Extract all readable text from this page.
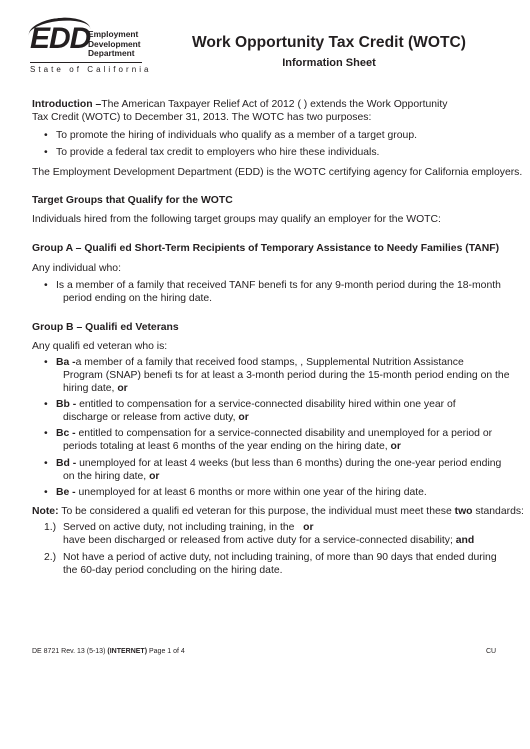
EDD
Employment
Development
Department
State of California
Work Opportunity Tax Credit (WOTC)
Information Sheet
Introduction –The American Taxpayer Relief Act of 2012 ( ) extends the Work Opportunity
Tax Credit (WOTC) to December 31, 2013. The WOTC has two purposes:
• To promote the hiring of individuals who qualify as a member of a target group.
• To provide a federal tax credit to employers who hire these individuals.
The Employment Development Department (EDD) is the WOTC certifying agency for California employers.
Target Groups that Qualify for the WOTC
Individuals hired from the following target groups may qualify an employer for the WOTC:
Group A – Qualifi ed Short-Term Recipients of Temporary Assistance to Needy Families (TANF)
Any individual who:
• Is a member of a family that received TANF benefi ts for any 9-month period during the 18-month
period ending on the hiring date.
Group B – Qualifi ed Veterans
Any qualifi ed veteran who is:
• Ba -a member of a family that received food stamps, , Supplemental Nutrition Assistance
Program (SNAP) benefi ts for at least a 3-month period during the 15-month period ending on the
hiring date, or
• Bb - entitled to compensation for a service-connected disability hired within one year of
discharge or release from active duty, or
• Bc - entitled to compensation for a service-connected disability and unemployed for a period or
periods totaling at least 6 months of the year ending on the hiring date, or
• Bd - unemployed for at least 4 weeks (but less than 6 months) during the one-year period ending
on the hiring date, or
• Be - unemployed for at least 6 months or more within one year of the hiring date.
Note: To be considered a qualifi ed veteran for this purpose, the individual must meet these two standards:
1.) Served on active duty, not including training, in the or
have been discharged or released from active duty for a service-connected disability; and
2.) Not have a period of active duty, not including training, of more than 90 days that ended during
the 60-day period concluding on the hiring date.
DE 8721 Rev. 13 (5-13) (INTERNET) Page 1 of 4	CU
